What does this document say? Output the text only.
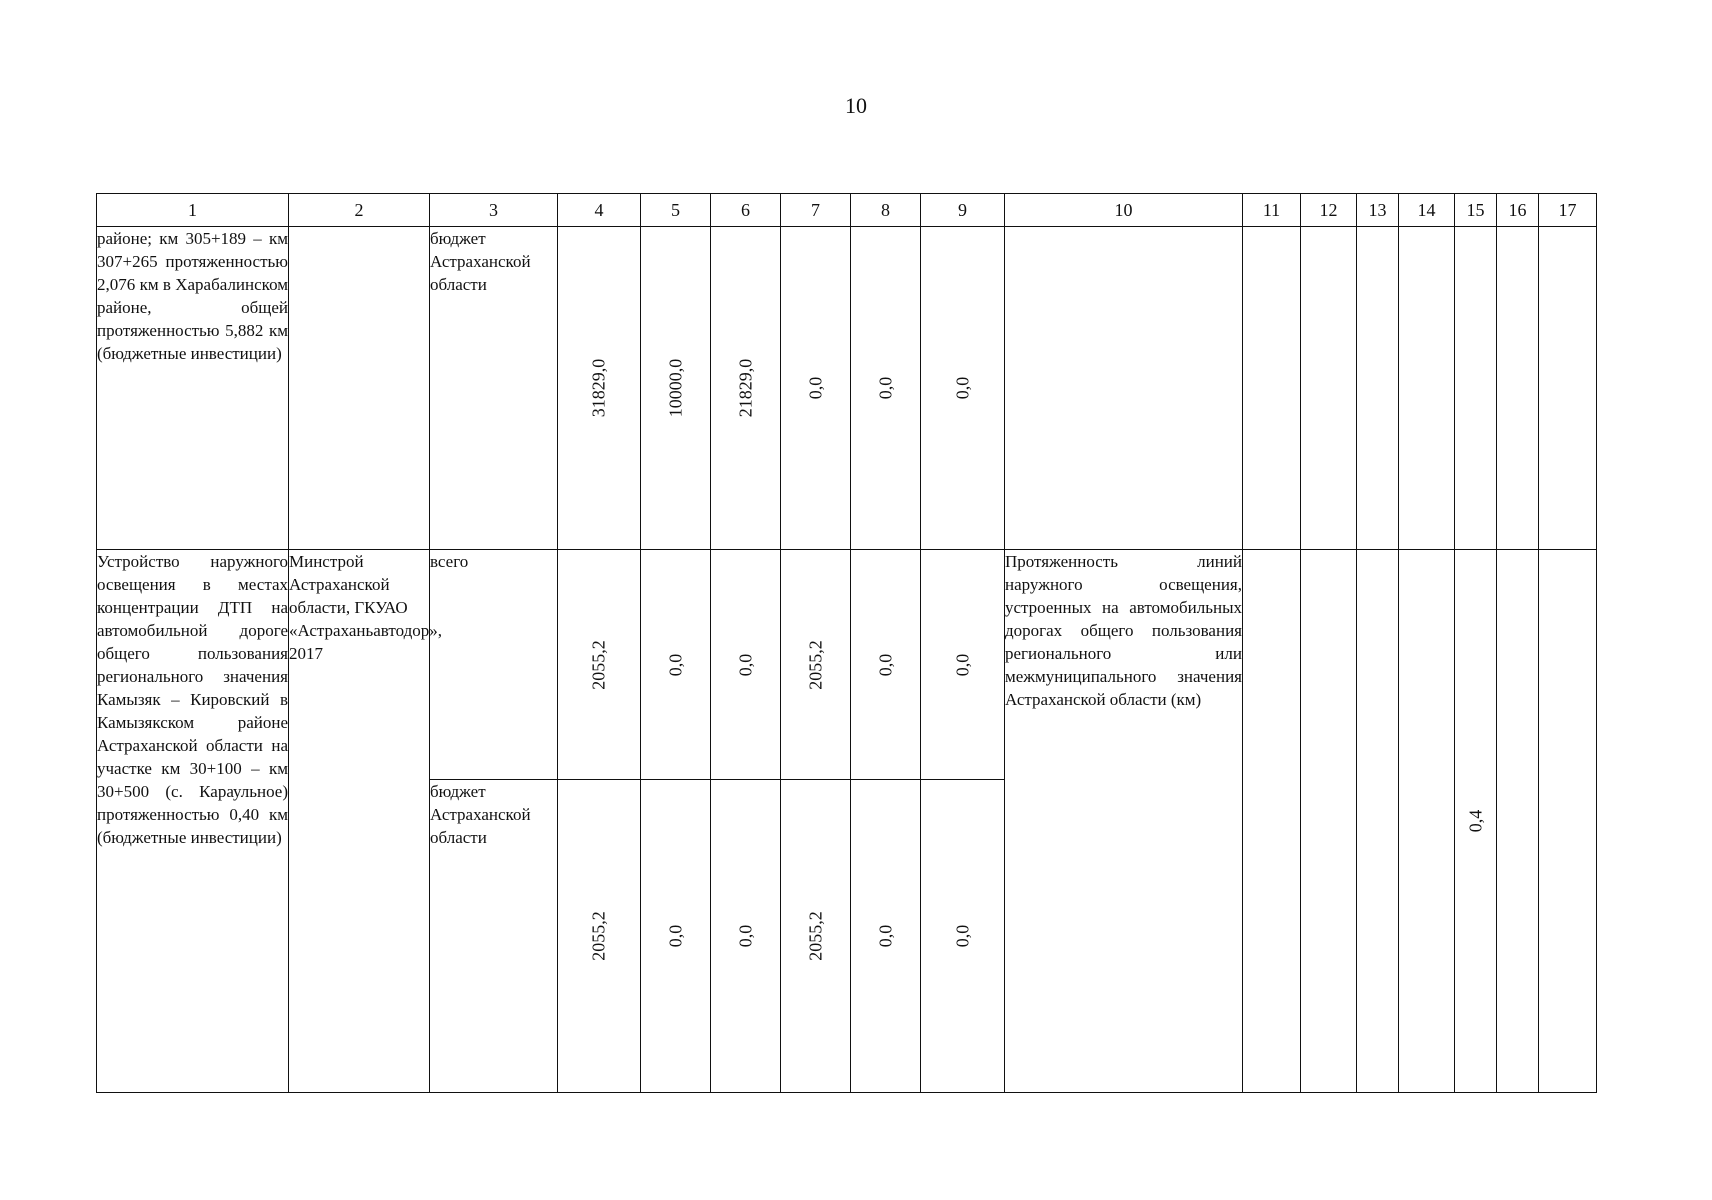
10
1	2	3	4	5	6	7	8	9	10	11	12	13	14	15	16	17
районе; км 305+189 – км 307+265 протяженностью 2,076 км в Харабалинском районе, общей протяженностью 5,882 км (бюджетные инвестиции)		бюджет Астраханской области	31829,0	10000,0	21829,0	0,0	0,0	0,0								

Устройство наружного освещения в местах концентрации ДТП на автомобильной дороге общего пользования регионального значения Камызяк – Кировский в Камызякском районе Астраханской области на участке км 30+100 – км 30+500 (с. Караульное) протяженностью 0,40 км (бюджетные инвестиции)	Минстрой Астраханской области, ГКУАО «Астраханьавтодор», 2017	всего	2055,2	0,0	0,0	2055,2	0,0	0,0	Протяженность линий наружного освещения, устроенных на автомобильных дорогах общего пользования регионального или межмуниципального значения Астраханской области (км)					0,4		

		бюджет Астраханской области	2055,2	0,0	0,0	2055,2	0,0	0,0								
